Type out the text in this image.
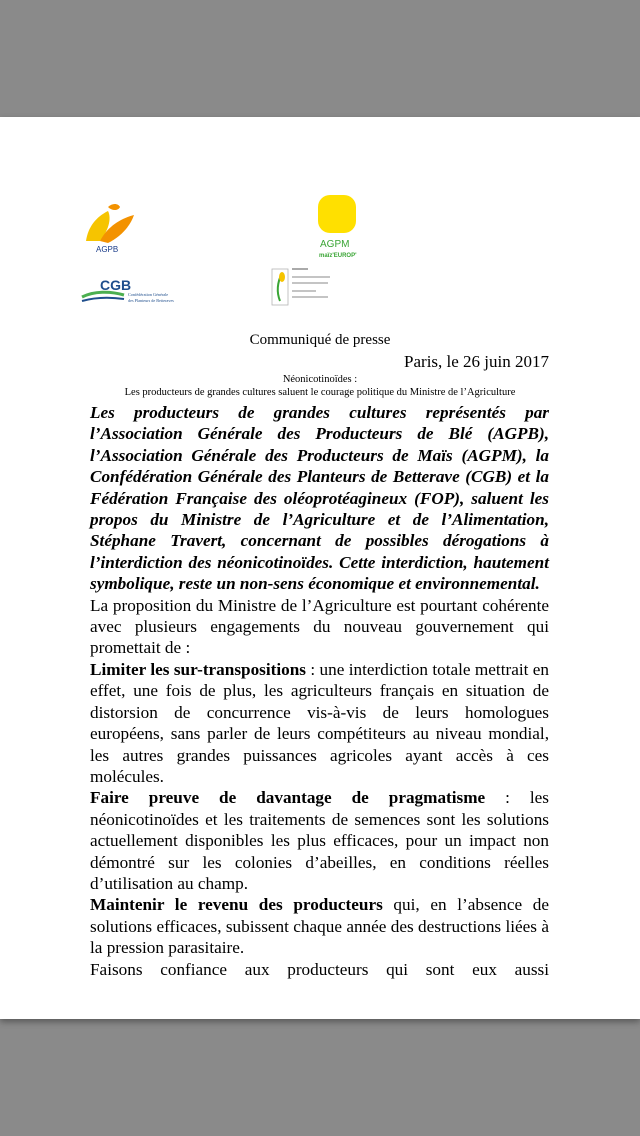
AGPB	AGPM
maïz'EUROP'
CGB
Confédération Générale
des Planteurs de Betteraves
Communiqué de presse
Paris, le 26 juin 2017
Néonicotinoïdes :
Les producteurs de grandes cultures saluent le courage politique du Ministre de l’Agriculture

Les producteurs de grandes cultures représentés par l’Association Générale des Producteurs de Blé (AGPB), l’Association Générale des Producteurs de Maïs (AGPM), la Confédération Générale des Planteurs de Betterave (CGB) et la Fédération Française des oléoprotéagineux (FOP), saluent les propos du Ministre de l’Agriculture et de l’Alimentation, Stéphane Travert, concernant de possibles dérogations à l’interdiction des néonicotinoïdes. Cette interdiction, hautement symbolique, reste un non-sens économique et environnemental.

La proposition du Ministre de l’Agriculture est pourtant cohérente avec plusieurs engagements du nouveau gouvernement qui promettait de :

Limiter les sur-transpositions : une interdiction totale mettrait en effet, une fois de plus, les agriculteurs français en situation de distorsion de concurrence vis-à-vis de leurs homologues européens, sans parler de leurs compétiteurs au niveau mondial, les autres grandes puissances agricoles ayant accès à ces molécules.

Faire preuve de davantage de pragmatisme : les néonicotinoïdes et les traitements de semences sont les solutions actuellement disponibles les plus efficaces, pour un impact non démontré sur les colonies d’abeilles, en conditions réelles d’utilisation au champ.

Maintenir le revenu des producteurs qui, en l’absence de solutions efficaces, subissent chaque année des destructions liées à la pression parasitaire.

Faisons confiance aux producteurs qui sont eux aussi
